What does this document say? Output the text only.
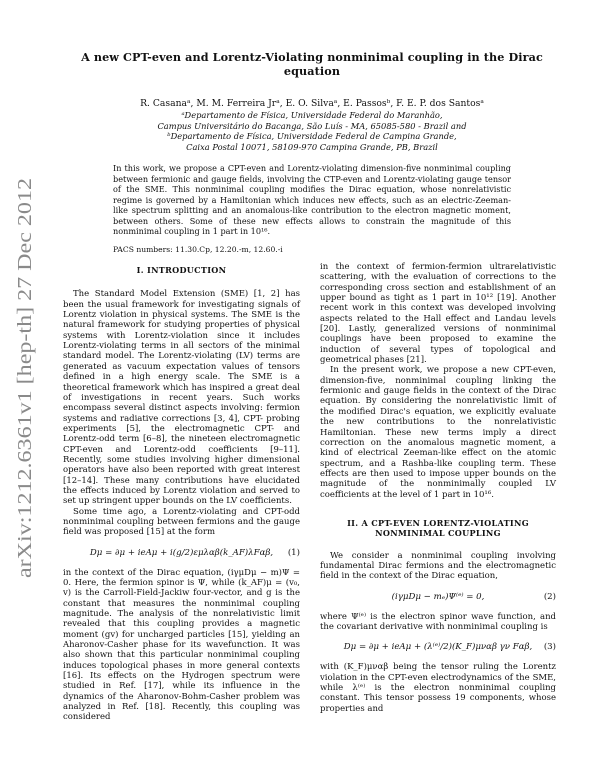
arXiv:1212.6361v1 [hep-th] 27 Dec 2012
A new CPT-even and Lorentz-Violating nonminimal coupling in the Dirac equation
R. Casanaᵃ, M. M. Ferreira Jrᵃ, E. O. Silvaᵃ, E. Passosᵇ, F. E. P. dos Santosᵃ
ᵃDepartamento de Física, Universidade Federal do Maranhão,
Campus Universitário do Bacanga, São Luís - MA, 65085-580 - Brazil and
ᵇDepartamento de Física, Universidade Federal de Campina Grande,
Caixa Postal 10071, 58109-970 Campina Grande, PB, Brazil
In this work, we propose a CPT-even and Lorentz-violating dimension-five nonminimal coupling between fermionic and gauge fields, involving the CTP-even and Lorentz-violating gauge tensor of the SME. This nonminimal coupling modifies the Dirac equation, whose nonrelativistic regime is governed by a Hamiltonian which induces new effects, such as an electric-Zeeman-like spectrum splitting and an anomalous-like contribution to the electron magnetic moment, between others. Some of these new effects allows to constrain the magnitude of this nonminimal coupling in 1 part in 10¹⁶.
PACS numbers: 11.30.Cp, 12.20.-m, 12.60.-i
I. INTRODUCTION

The Standard Model Extension (SME) [1, 2] has been the usual framework for investigating signals of Lorentz violation in physical systems. The SME is the natural framework for studying properties of physical systems with Lorentz-violation since it includes Lorentz-violating terms in all sectors of the minimal standard model. The Lorentz-violating (LV) terms are generated as vacuum expectation values of tensors defined in a high energy scale. The SME is a theoretical framework which has inspired a great deal of investigations in recent years. Such works encompass several distinct aspects involving: fermion systems and radiative corrections [3, 4], CPT- probing experiments [5], the electromagnetic CPT- and Lorentz-odd term [6–8], the nineteen electromagnetic CPT-even and Lorentz-odd coefficients [9–11]. Recently, some studies involving higher dimensional operators have also been reported with great interest [12–14]. These many contributions have elucidated the effects induced by Lorentz violation and served to set up stringent upper bounds on the LV coefficients.

Some time ago, a Lorentz-violating and CPT-odd nonminimal coupling between fermions and the gauge field was proposed [15] at the form

Dμ = ∂μ + ieAμ + i(g/2)εμλαβ(k_AF)λFαβ, (1)

in the context of the Dirac equation, (iγμDμ − m)Ψ = 0. Here, the fermion spinor is Ψ, while (k_AF)μ = (v₀, v) is the Carroll-Field-Jackiw four-vector, and g is the constant that measures the nonminimal coupling magnitude. The analysis of the nonrelativistic limit revealed that this coupling provides a magnetic moment (gv) for uncharged particles [15], yielding an Aharonov-Casher phase for its wavefunction. It was also shown that this particular nonminimal coupling induces topological phases in more general contexts [16]. Its effects on the Hydrogen spectrum were studied in Ref. [17], while its influence in the dynamics of the Aharonov-Bohm-Casher problem was analyzed in Ref. [18]. Recently, this coupling was considered

in the context of fermion-fermion ultrarelativistic scattering, with the evaluation of corrections to the corresponding cross section and establishment of an upper bound as tight as 1 part in 10¹² [19]. Another recent work in this context was developed involving aspects related to the Hall effect and Landau levels [20]. Lastly, generalized versions of nonminimal couplings have been proposed to examine the induction of several types of topological and geometrical phases [21].

In the present work, we propose a new CPT-even, dimension-five, nonminimal coupling linking the fermionic and gauge fields in the context of the Dirac equation. By considering the nonrelativistic limit of the modified Dirac's equation, we explicitly evaluate the new contributions to the nonrelativistic Hamiltonian. These new terms imply a direct correction on the anomalous magnetic moment, a kind of electrical Zeeman-like effect on the atomic spectrum, and a Rashba-like coupling term. These effects are then used to impose upper bounds on the magnitude of the nonminimally coupled LV coefficients at the level of 1 part in 10¹⁶.

II. A CPT-EVEN LORENTZ-VIOLATING NONMINIMAL COUPLING

We consider a nonminimal coupling involving fundamental Dirac fermions and the electromagnetic field in the context of the Dirac equation,

(iγμDμ − mₑ)Ψ⁽ᵉ⁾ = 0,	(2)

where Ψ⁽ᵉ⁾ is the electron spinor wave function, and the covariant derivative with nonminimal coupling is

Dμ = ∂μ + ieAμ + (λ⁽ᵉ⁾/2)(K_F)μναβ γν Fαβ, (3)

with (K_F)μναβ being the tensor ruling the Lorentz violation in the CPT-even electrodynamics of the SME, while λ⁽ᵉ⁾ is the electron nonminimal coupling constant. This tensor possess 19 components, whose properties and
